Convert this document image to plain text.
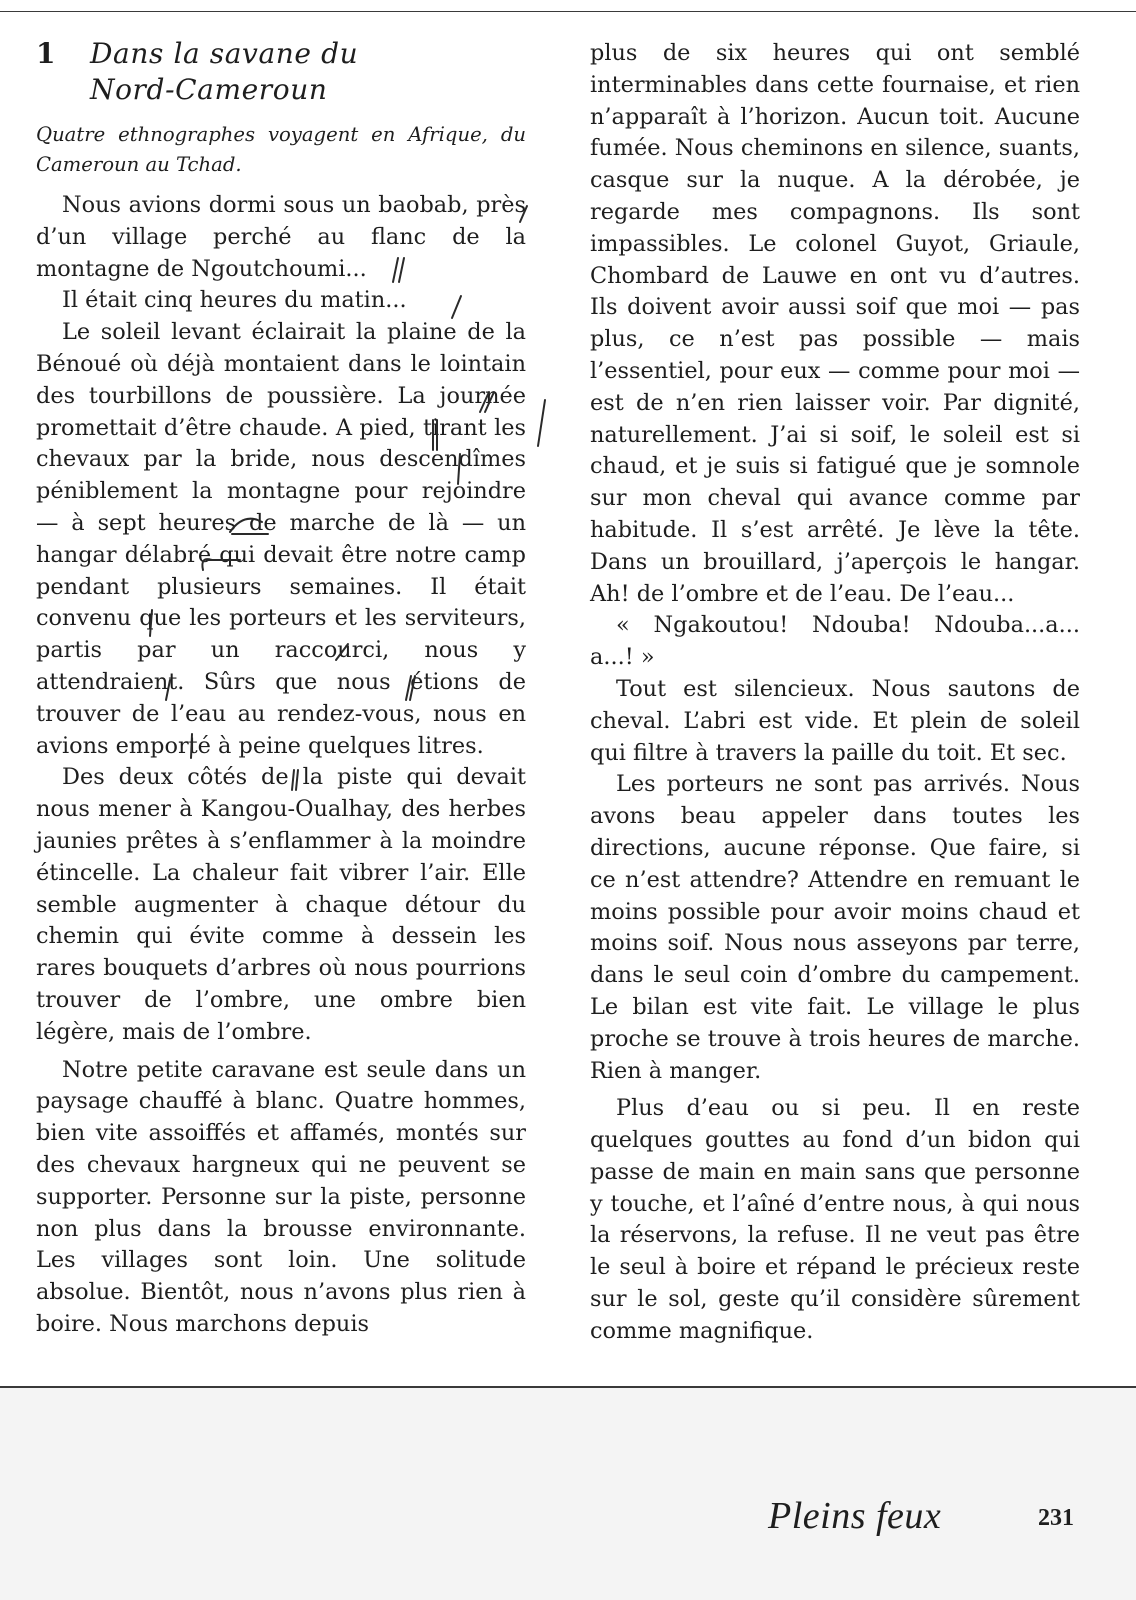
1	Dans la savane du
Nord-Cameroun

Quatre ethnographes voyagent en Afrique, du Cameroun au Tchad.

Nous avions dormi sous un baobab, près d’un village perché au flanc de la montagne de Ngoutchoumi...

Il était cinq heures du matin...

Le soleil levant éclairait la plaine de la Bénoué où déjà montaient dans le lointain des tourbillons de poussière. La journée promettait d’être chaude. A pied, tirant les chevaux par la bride, nous descendîmes péniblement la montagne pour rejoindre — à sept heures de marche de là — un hangar délabré qui devait être notre camp pendant plusieurs semaines. Il était convenu que les porteurs et les serviteurs, partis par un raccourci, nous y attendraient. Sûrs que nous étions de trouver de l’eau au rendez-vous, nous en avions emporté à peine quelques litres.

Des deux côtés de la piste qui devait nous mener à Kangou-Oualhay, des herbes jaunies prêtes à s’enflammer à la moindre étincelle. La chaleur fait vibrer l’air. Elle semble augmenter à chaque détour du chemin qui évite comme à dessein les rares bouquets d’arbres où nous pourrions trouver de l’ombre, une ombre bien légère, mais de l’ombre.

Notre petite caravane est seule dans un paysage chauffé à blanc. Quatre hommes, bien vite assoiffés et affamés, montés sur des chevaux hargneux qui ne peuvent se supporter. Personne sur la piste, personne non plus dans la brousse environnante. Les villages sont loin. Une solitude absolue. Bientôt, nous n’avons plus rien à boire. Nous marchons depuis

plus de six heures qui ont semblé interminables dans cette fournaise, et rien n’apparaît à l’horizon. Aucun toit. Aucune fumée. Nous cheminons en silence, suants, casque sur la nuque. A la dérobée, je regarde mes compagnons. Ils sont impassibles. Le colonel Guyot, Griaule, Chombard de Lauwe en ont vu d’autres. Ils doivent avoir aussi soif que moi — pas plus, ce n’est pas possible — mais l’essentiel, pour eux — comme pour moi — est de n’en rien laisser voir. Par dignité, naturellement. J’ai si soif, le soleil est si chaud, et je suis si fatigué que je somnole sur mon cheval qui avance comme par habitude. Il s’est arrêté. Je lève la tête. Dans un brouillard, j’aperçois le hangar. Ah! de l’ombre et de l’eau. De l’eau...

« Ngakoutou! Ndouba! Ndouba...a... a...! »

Tout est silencieux. Nous sautons de cheval. L’abri est vide. Et plein de soleil qui filtre à travers la paille du toit. Et sec.

Les porteurs ne sont pas arrivés. Nous avons beau appeler dans toutes les directions, aucune réponse. Que faire, si ce n’est attendre? Attendre en remuant le moins possible pour avoir moins chaud et moins soif. Nous nous asseyons par terre, dans le seul coin d’ombre du campement. Le bilan est vite fait. Le village le plus proche se trouve à trois heures de marche. Rien à manger.

Plus d’eau ou si peu. Il en reste quelques gouttes au fond d’un bidon qui passe de main en main sans que personne y touche, et l’aîné d’entre nous, à qui nous la réservons, la refuse. Il ne veut pas être le seul à boire et répand le précieux reste sur le sol, geste qu’il considère sûrement comme magnifique.

Pleins feux	231
